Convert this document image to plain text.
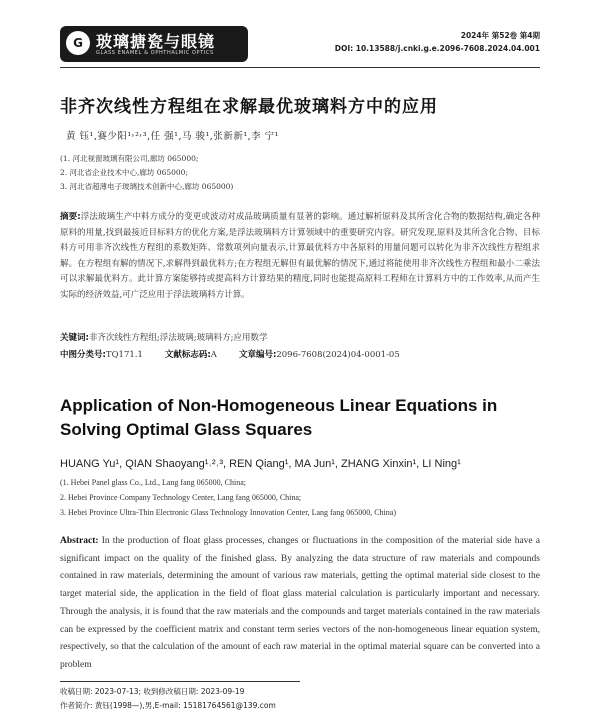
G 玻璃搪瓷与眼镜
GLASS ENAMEL & OPHTHALMIC OPTICS
2024年 第52卷 第4期
DOI: 10.13588/j.cnki.g.e.2096-7608.2024.04.001
非齐次线性方程组在求解最优玻璃料方中的应用
黄 钰¹,赛少阳¹˒²˒³,任 强¹,马 骏¹,张新新¹,李 宁¹
(1. 河北视窗玻璃有限公司,廊坊 065000;
2. 河北省企业技术中心,廊坊 065000;
3. 河北省超薄电子玻璃技术创新中心,廊坊 065000)
摘要:浮法玻璃生产中料方成分的变更或波动对成品玻璃质量有显著的影响。通过解析原料及其所含化合物的数据结构,确定各种原料的用量,找到最接近目标料方的优化方案,是浮法玻璃料方计算领域中的重要研究内容。研究发现,原料及其所含化合物、目标料方可用非齐次线性方程组的系数矩阵、常数项列向量表示,计算最优料方中各原料的用量问题可以转化为非齐次线性方程组求解。在方程组有解的情况下,求解得到最优料方;在方程组无解但有最优解的情况下,通过将能使用非齐次线性方程组和最小二乘法可以求解最优料方。此计算方案能够持或提高料方计算结果的精度,同时也能提高原料工程师在计算料方中的工作效率,从而产生实际的经济效益,可广泛应用于浮法玻璃料方计算。
关键词:非齐次线性方程组;浮法玻璃;玻璃料方;应用数学
中图分类号:TQ171.1	文献标志码:A	文章编号:2096-7608(2024)04-0001-05
Application of Non-Homogeneous Linear Equations in Solving Optimal Glass Squares
HUANG Yu¹, QIAN Shaoyang¹˒²˒³, REN Qiang¹, MA Jun¹, ZHANG Xinxin¹, LI Ning¹
(1. Hebei Panel glass Co., Ltd., Lang fang 065000, China;
2. Hebei Province Company Technology Center, Lang fang 065000, China;
3. Hebei Province Ultra-Thin Electronic Glass Technology Innovation Center, Lang fang 065000, China)
Abstract: In the production of float glass processes, changes or fluctuations in the composition of the material side have a significant impact on the quality of the finished glass. By analyzing the data structure of raw materials and compounds contained in raw materials, determining the amount of various raw materials, getting the optimal material side closest to the target material side, the application in the field of float glass material calculation is particularly important and necessary. Through the analysis, it is found that the raw materials and the compounds and target materials contained in the raw materials can be expressed by the coefficient matrix and constant term series vectors of the non-homogeneous linear equation system, respectively, so that the calculation of the amount of each raw material in the optimal material square can be converted into a problem
收稿日期: 2023-07-13; 收到修改稿日期: 2023-09-19
作者简介: 黄钰(1998—),男,E-mail: 15181764561@139.com
